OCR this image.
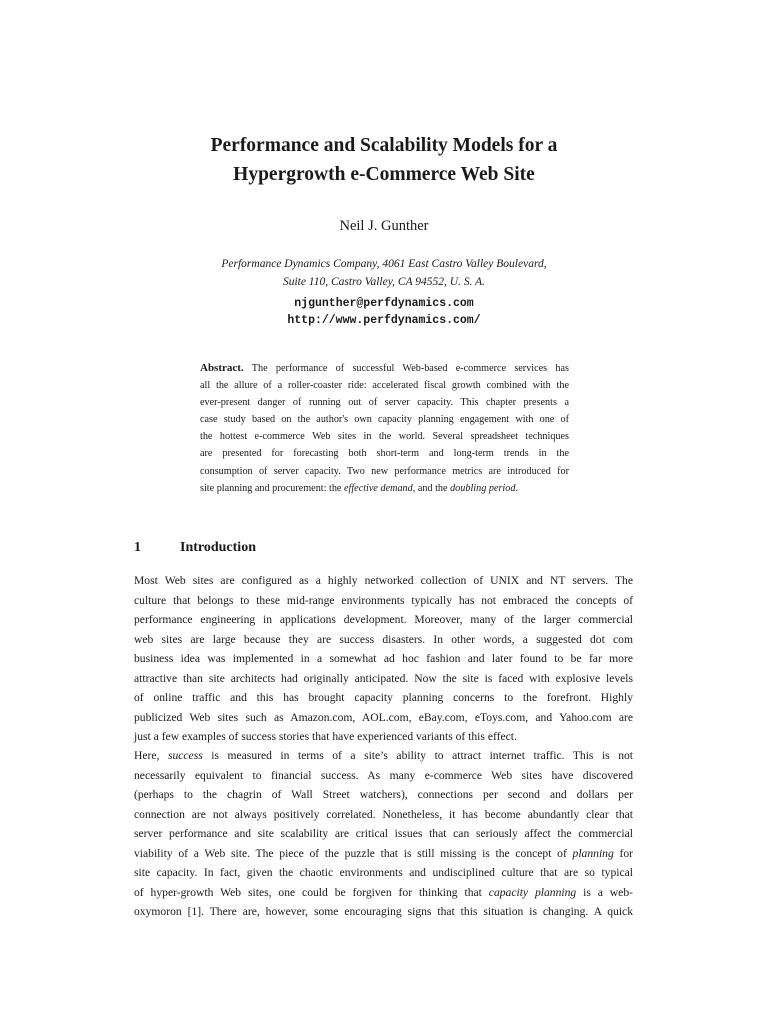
Performance and Scalability Models for a
Hypergrowth e-Commerce Web Site
Neil J. Gunther
Performance Dynamics Company, 4061 East Castro Valley Boulevard,
Suite 110, Castro Valley, CA 94552, U. S. A.
njgunther@perfdynamics.com
http://www.perfdynamics.com/
Abstract. The performance of successful Web-based e-commerce services has
all the allure of a roller-coaster ride: accelerated fiscal growth combined with the
ever-present danger of running out of server capacity. This chapter presents a
case study based on the author's own capacity planning engagement with one of
the hottest e-commerce Web sites in the world. Several spreadsheet techniques
are presented for forecasting both short-term and long-term trends in the
consumption of server capacity. Two new performance metrics are introduced for
site planning and procurement: the effective demand, and the doubling period.
1	Introduction
Most Web sites are configured as a highly networked collection of UNIX and NT servers. The
culture that belongs to these mid-range environments typically has not embraced the concepts of
performance engineering in applications development. Moreover, many of the larger commercial
web sites are large because they are success disasters. In other words, a suggested dot com
business idea was implemented in a somewhat ad hoc fashion and later found to be far more
attractive than site architects had originally anticipated. Now the site is faced with explosive levels
of online traffic and this has brought capacity planning concerns to the forefront. Highly
publicized Web sites such as Amazon.com, AOL.com, eBay.com, eToys.com, and Yahoo.com are
just a few examples of success stories that have experienced variants of this effect.
Here, success is measured in terms of a site’s ability to attract internet traffic. This is not
necessarily equivalent to financial success. As many e-commerce Web sites have discovered
(perhaps to the chagrin of Wall Street watchers), connections per second and dollars per
connection are not always positively correlated. Nonetheless, it has become abundantly clear that
server performance and site scalability are critical issues that can seriously affect the commercial
viability of a Web site. The piece of the puzzle that is still missing is the concept of planning for
site capacity. In fact, given the chaotic environments and undisciplined culture that are so typical
of hyper-growth Web sites, one could be forgiven for thinking that capacity planning is a web-
oxymoron [1]. There are, however, some encouraging signs that this situation is changing. A quick
